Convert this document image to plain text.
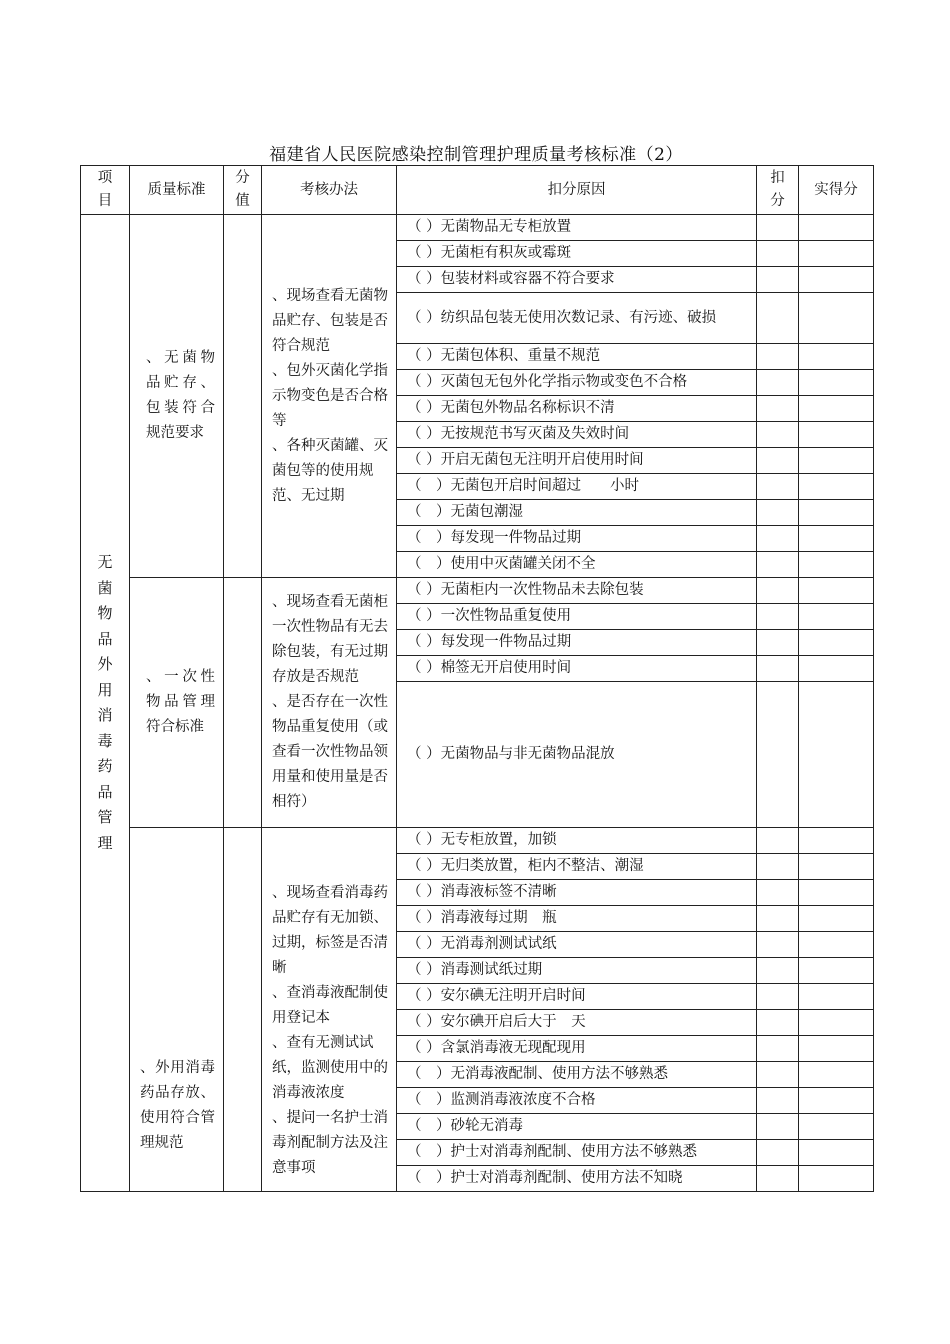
福建省人民医院感染控制管理护理质量考核标准（2）
项目	质量标准	分值	考核办法	扣分原因	扣分	实得分

无菌物品外用消毒药品管理	、无菌物品贮存、包装符合规范要求		、现场查看无菌物品贮存、包装是否符合规范
、包外灭菌化学指示物变色是否合格等
、各种灭菌罐、灭菌包等的使用规范、无过期	（ ）无菌物品无专柜放置		
				（ ）无菌柜有积灰或霉斑		
				（ ）包装材料或容器不符合要求		
				（ ）纺织品包装无使用次数记录、有污迹、破损		
				（ ）无菌包体积、重量不规范		
				（ ）灭菌包无包外化学指示物或变色不合格		
				（ ）无菌包外物品名称标识不清		
				（ ）无按规范书写灭菌及失效时间		
				（ ）开启无菌包无注明开启使用时间		
				（　）无菌包开启时间超过　　小时		
				（　）无菌包潮湿		
				（　）每发现一件物品过期		
				（　）使用中灭菌罐关闭不全		

	、一次性物品管理符合标准		、现场查看无菌柜一次性物品有无去除包装，有无过期存放是否规范
、是否存在一次性物品重复使用（或查看一次性物品领用量和使用量是否相符）	（ ）无菌柜内一次性物品未去除包装		
				（ ）一次性物品重复使用		
				（ ）每发现一件物品过期		
				（ ）棉签无开启使用时间		
				（ ）无菌物品与非无菌物品混放		

	、外用消毒药品存放、使用符合管理规范		、现场查看消毒药品贮存有无加锁、过期，标签是否清晰
、查消毒液配制使用登记本
、查有无测试试纸，监测使用中的消毒液浓度
、提问一名护士消毒剂配制方法及注意事项	（ ）无专柜放置，加锁		
				（ ）无归类放置，柜内不整洁、潮湿		
				（ ）消毒液标签不清晰		
				（ ）消毒液每过期　瓶		
				（ ）无消毒剂测试试纸		
				（ ）消毒测试纸过期		
				（ ）安尔碘无注明开启时间		
				（ ）安尔碘开启后大于　天		
				（ ）含氯消毒液无现配现用		
				（　）无消毒液配制、使用方法不够熟悉		
				（　）监测消毒液浓度不合格		
				（　）砂轮无消毒		
				（　）护士对消毒剂配制、使用方法不够熟悉		
				（　）护士对消毒剂配制、使用方法不知晓		
